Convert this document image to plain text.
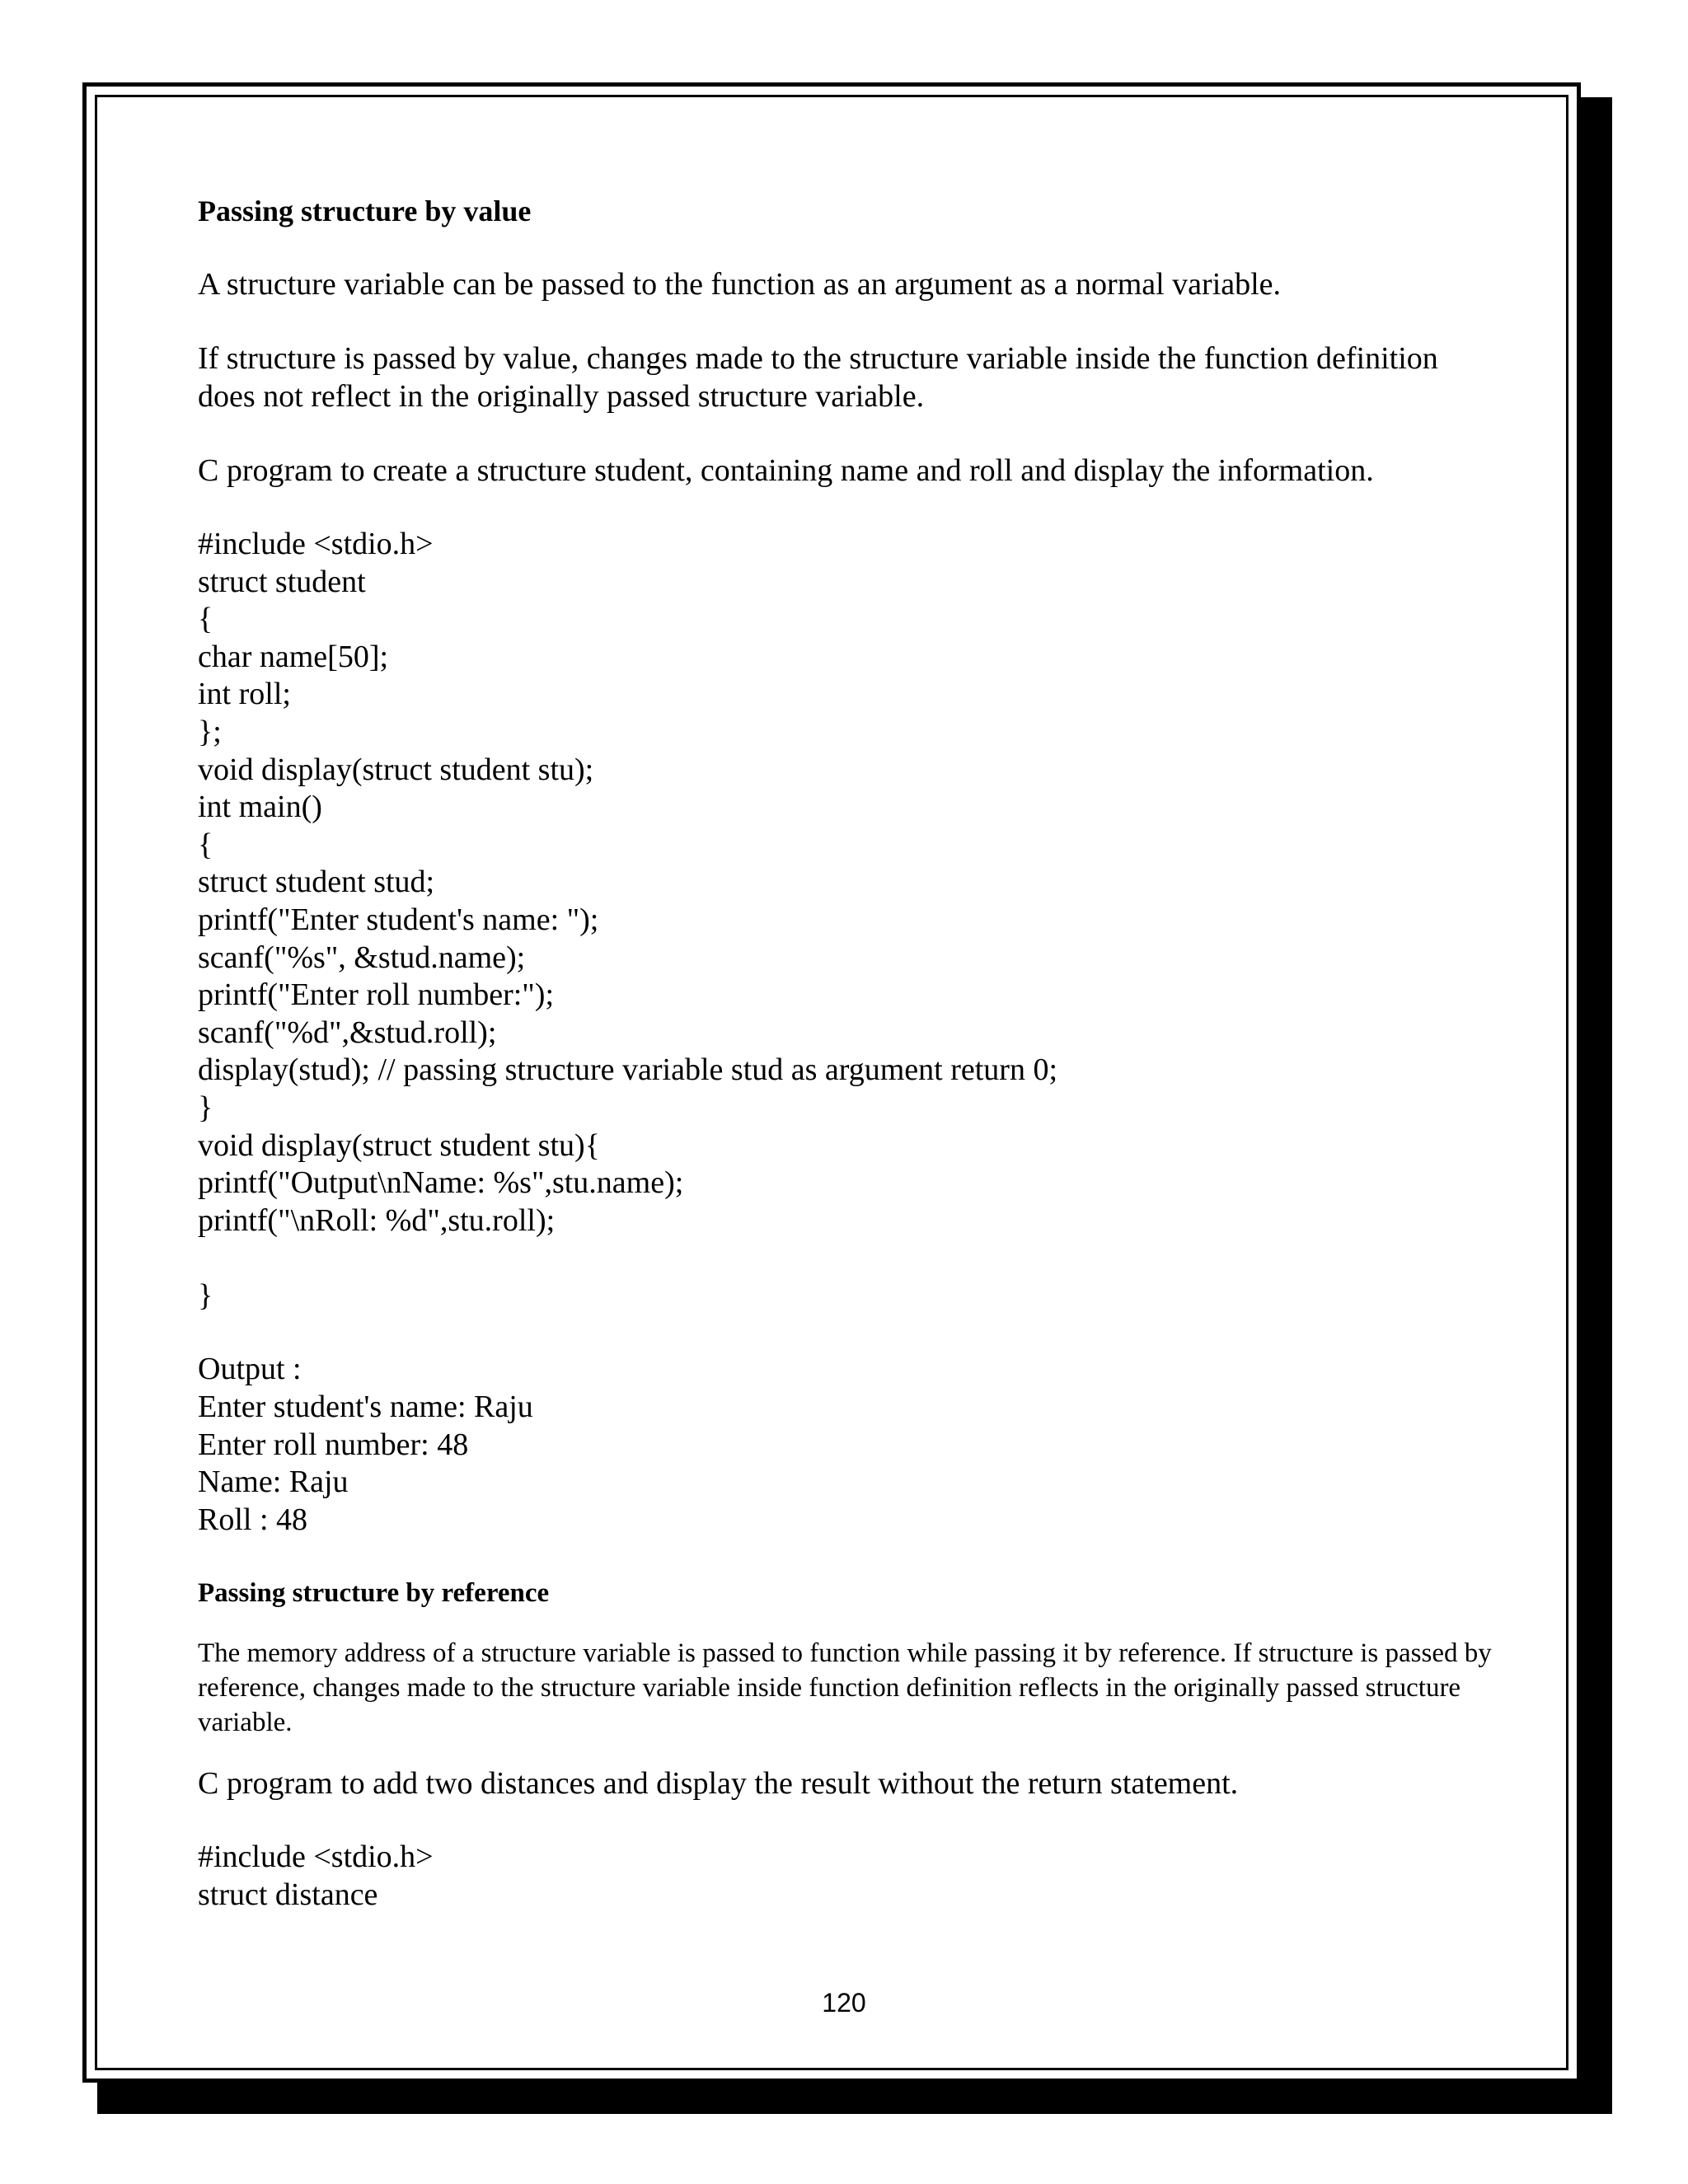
Passing structure by value
A structure variable can be passed to the function as an argument as a normal variable.
If structure is passed by value, changes made to the structure variable inside the function definition does not reflect in the originally passed structure variable.
C program to create a structure student, containing name and roll and display the information.
#include <stdio.h>
struct student
{
char name[50];
int roll;
};
void display(struct student stu);
int main()
{
struct student stud;
printf("Enter student's name: ");
scanf("%s", &stud.name);
printf("Enter roll number:");
scanf("%d",&stud.roll);
display(stud); // passing structure variable stud as argument return 0;
}
void display(struct student stu){
printf("Output\nName: %s",stu.name);
printf("\nRoll: %d",stu.roll);
}
Output :
Enter student's name: Raju
Enter roll number: 48
Name: Raju
Roll : 48
Passing structure by reference
The memory address of a structure variable is passed to function while passing it by reference. If structure is passed by reference, changes made to the structure variable inside function definition reflects in the originally passed structure variable.
C program to add two distances and display the result without the return statement.
#include <stdio.h>
struct distance
120
